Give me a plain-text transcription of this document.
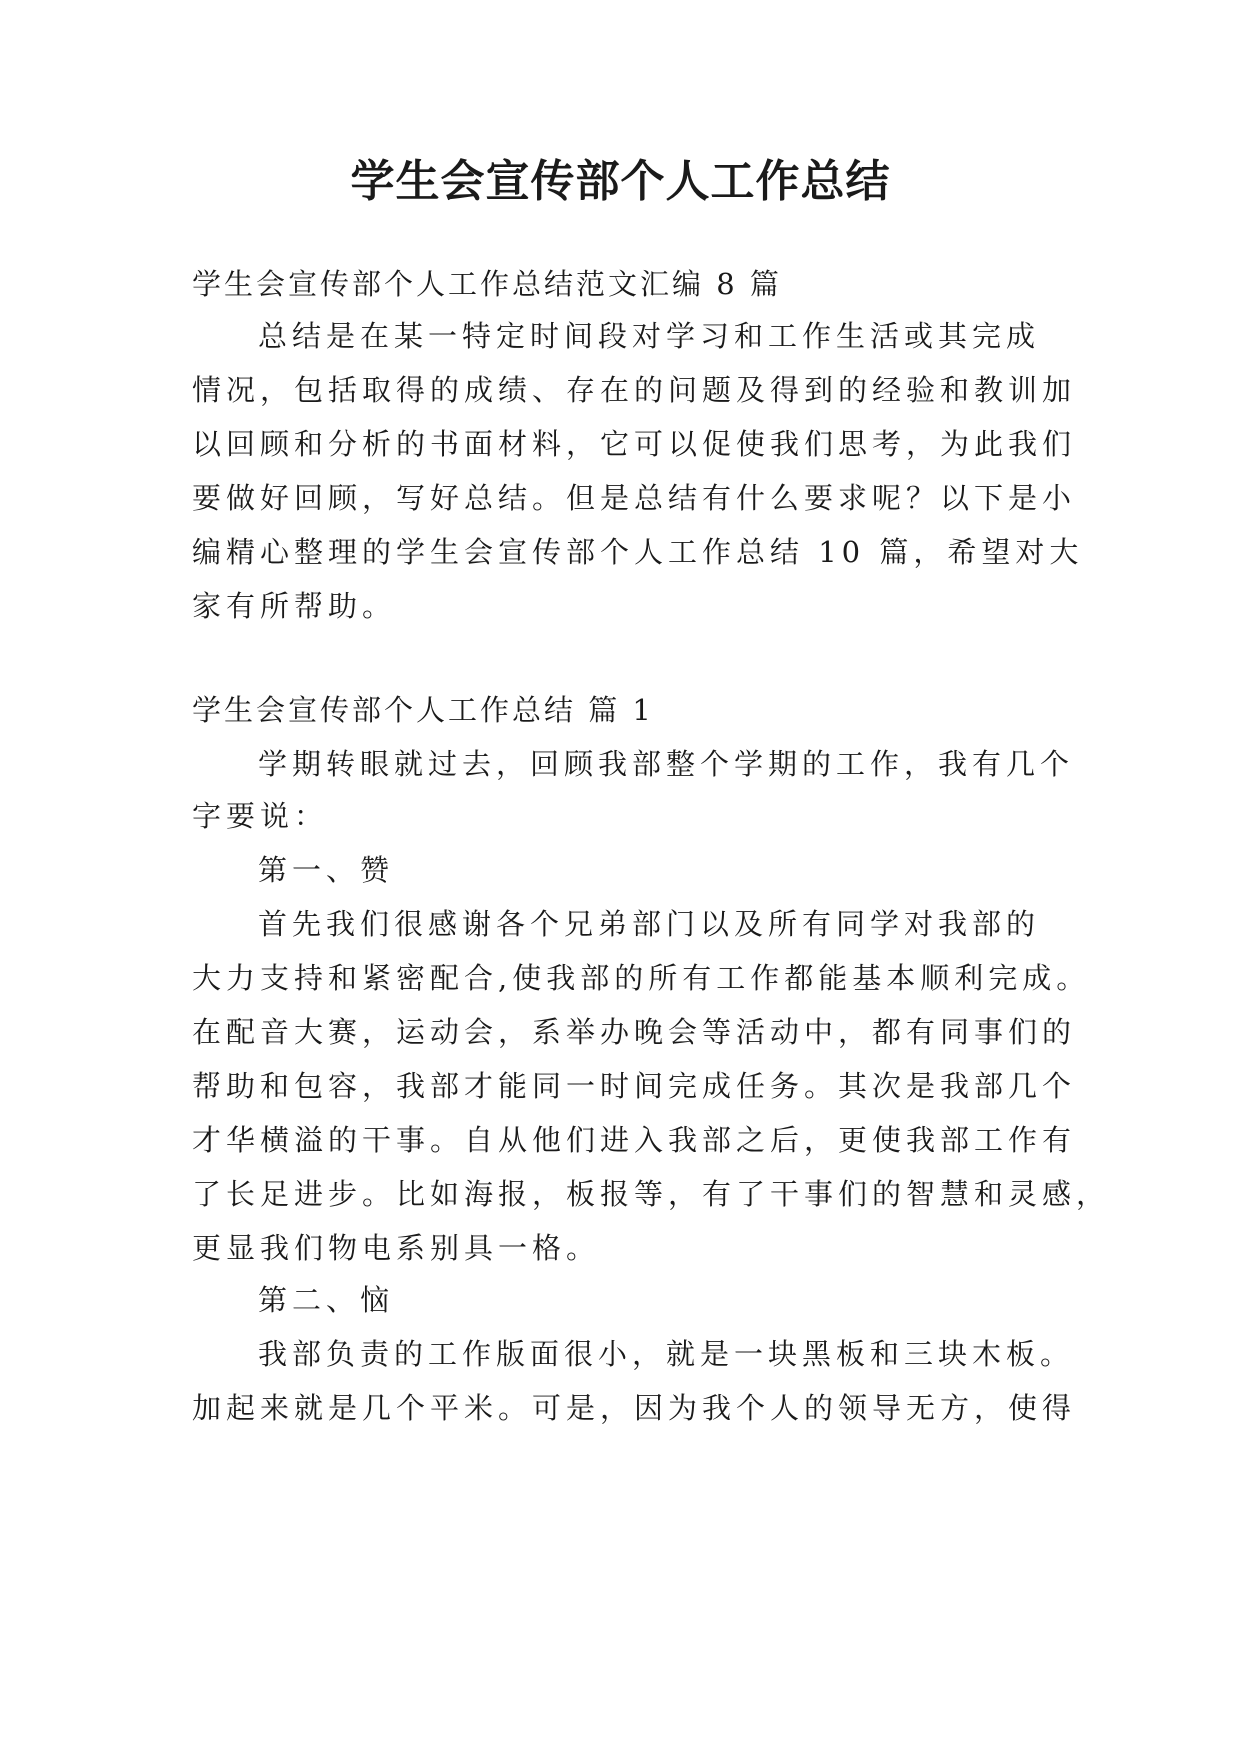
学生会宣传部个人工作总结
学生会宣传部个人工作总结范文汇编 8 篇
总结是在某一特定时间段对学习和工作生活或其完成
情况，包括取得的成绩、存在的问题及得到的经验和教训加
以回顾和分析的书面材料，它可以促使我们思考，为此我们
要做好回顾，写好总结。但是总结有什么要求呢？以下是小
编精心整理的学生会宣传部个人工作总结 10 篇，希望对大
家有所帮助。
学生会宣传部个人工作总结 篇 1
学期转眼就过去，回顾我部整个学期的工作，我有几个
字要说：
第一、赞
首先我们很感谢各个兄弟部门以及所有同学对我部的
大力支持和紧密配合,使我部的所有工作都能基本顺利完成。
在配音大赛，运动会，系举办晚会等活动中，都有同事们的
帮助和包容，我部才能同一时间完成任务。其次是我部几个
才华横溢的干事。自从他们进入我部之后，更使我部工作有
了长足进步。比如海报，板报等，有了干事们的智慧和灵感，
更显我们物电系别具一格。
第二、恼
我部负责的工作版面很小，就是一块黑板和三块木板。
加起来就是几个平米。可是，因为我个人的领导无方，使得
